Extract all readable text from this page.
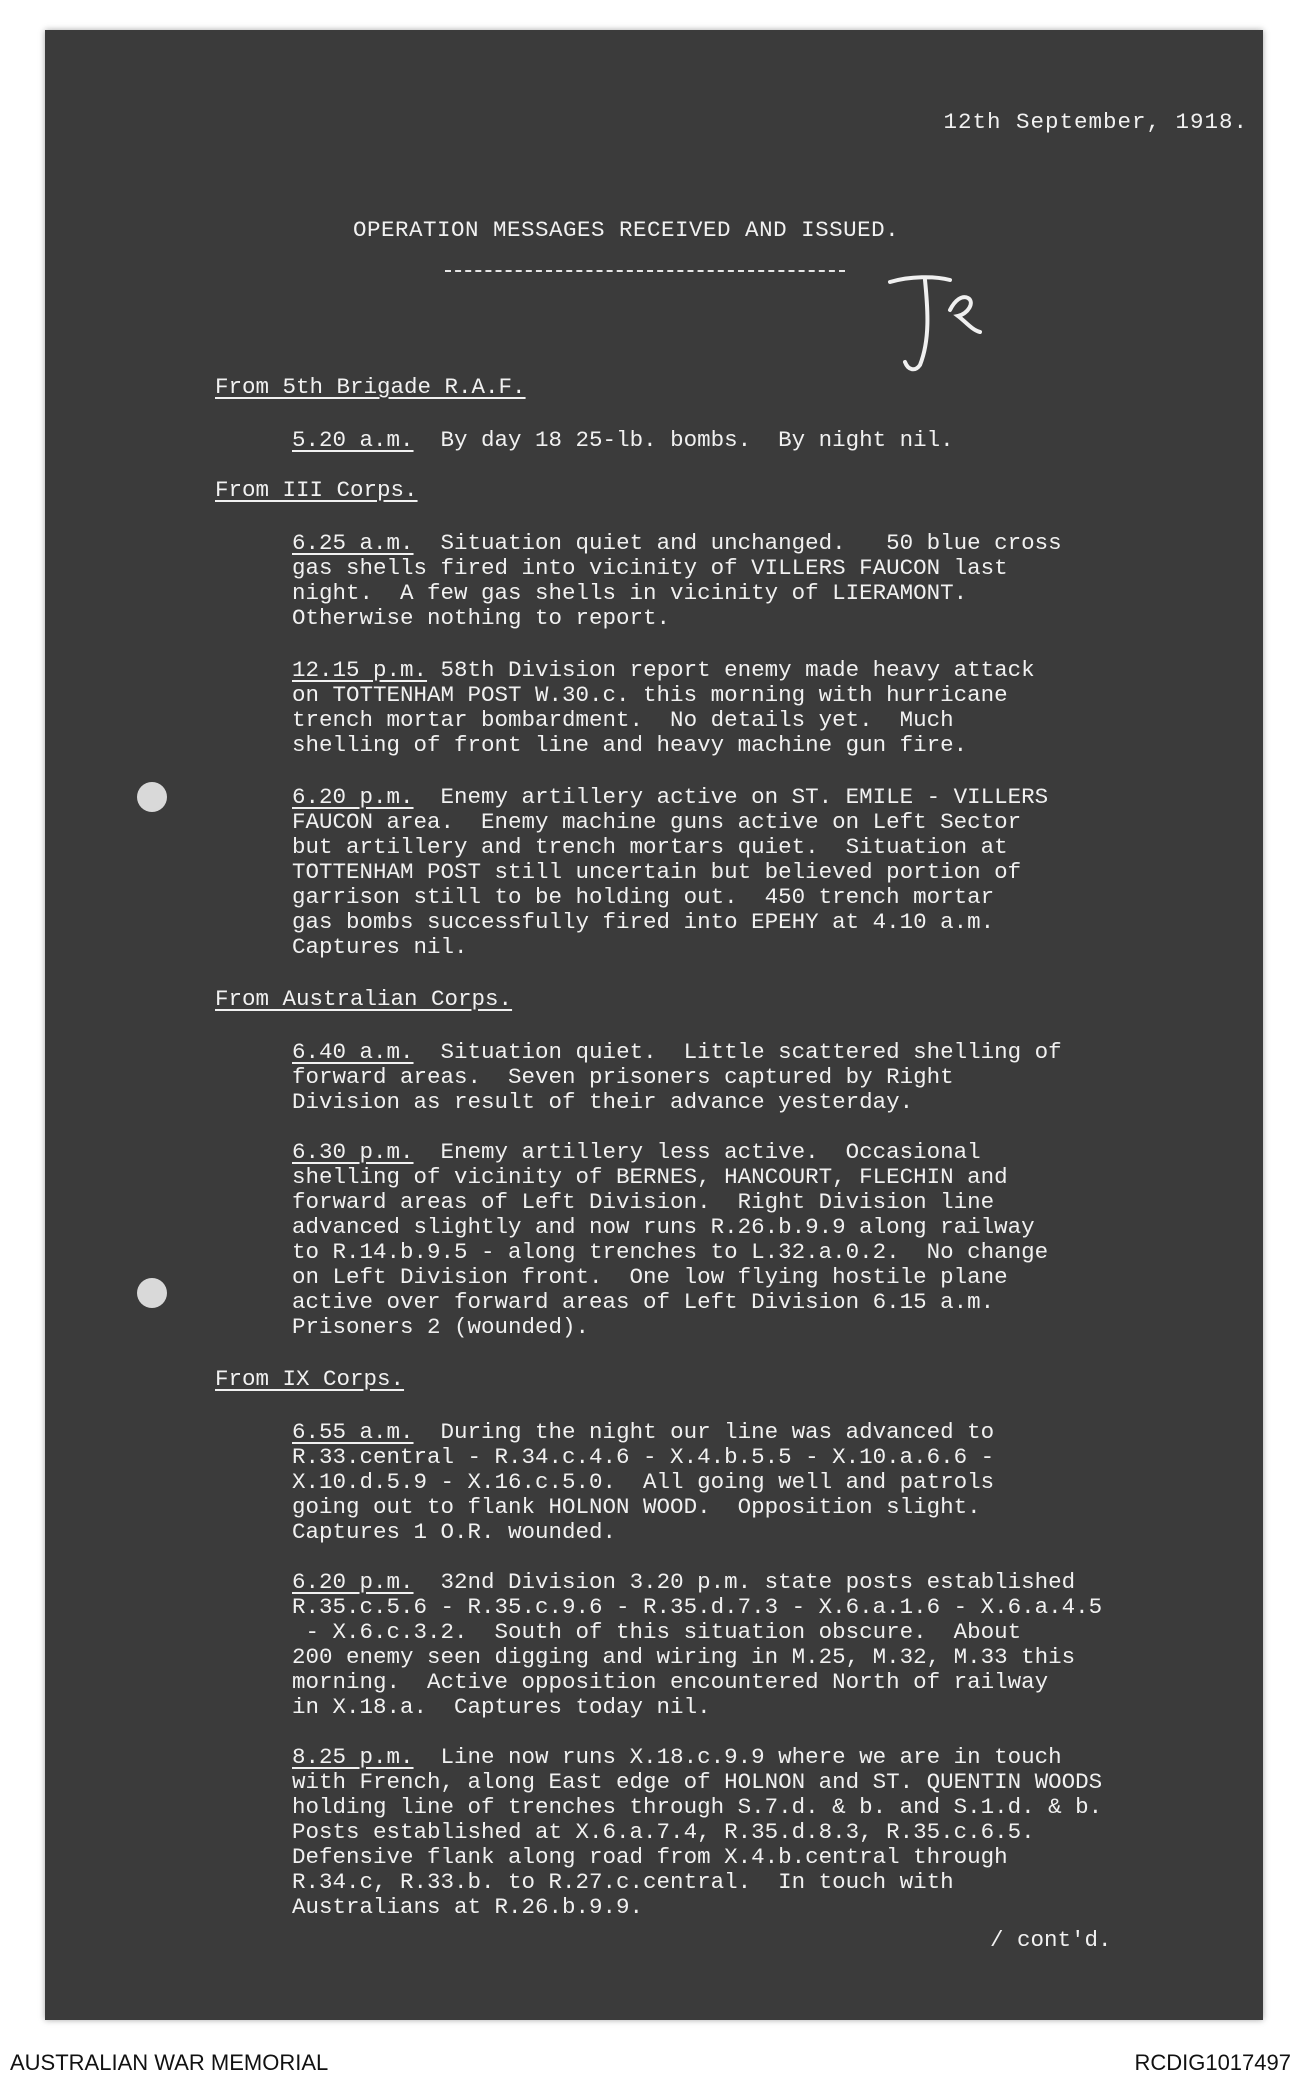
12th September, 1918.
OPERATION MESSAGES RECEIVED AND ISSUED.
From 5th Brigade R.A.F.
5.20 a.m.  By day 18 25-lb. bombs.  By night nil.
From III Corps.
6.25 a.m.  Situation quiet and unchanged.   50 blue cross
gas shells fired into vicinity of VILLERS FAUCON last
night.  A few gas shells in vicinity of LIERAMONT.
Otherwise nothing to report.
12.15 p.m. 58th Division report enemy made heavy attack
on TOTTENHAM POST W.30.c. this morning with hurricane
trench mortar bombardment.  No details yet.  Much
shelling of front line and heavy machine gun fire.
6.20 p.m.  Enemy artillery active on ST. EMILE - VILLERS
FAUCON area.  Enemy machine guns active on Left Sector
but artillery and trench mortars quiet.  Situation at
TOTTENHAM POST still uncertain but believed portion of
garrison still to be holding out.  450 trench mortar
gas bombs successfully fired into EPEHY at 4.10 a.m.
Captures nil.
From Australian Corps.
6.40 a.m.  Situation quiet.  Little scattered shelling of
forward areas.  Seven prisoners captured by Right
Division as result of their advance yesterday.
6.30 p.m.  Enemy artillery less active.  Occasional
shelling of vicinity of BERNES, HANCOURT, FLECHIN and
forward areas of Left Division.  Right Division line
advanced slightly and now runs R.26.b.9.9 along railway
to R.14.b.9.5 - along trenches to L.32.a.0.2.  No change
on Left Division front.  One low flying hostile plane
active over forward areas of Left Division 6.15 a.m.
Prisoners 2 (wounded).
From IX Corps.
6.55 a.m.  During the night our line was advanced to
R.33.central - R.34.c.4.6 - X.4.b.5.5 - X.10.a.6.6 -
X.10.d.5.9 - X.16.c.5.0.  All going well and patrols
going out to flank HOLNON WOOD.  Opposition slight.
Captures 1 O.R. wounded.
6.20 p.m.  32nd Division 3.20 p.m. state posts established
R.35.c.5.6 - R.35.c.9.6 - R.35.d.7.3 - X.6.a.1.6 - X.6.a.4.5
- X.6.c.3.2.  South of this situation obscure.  About
200 enemy seen digging and wiring in M.25, M.32, M.33 this
morning.  Active opposition encountered North of railway
in X.18.a.  Captures today nil.
8.25 p.m.  Line now runs X.18.c.9.9 where we are in touch
with French, along East edge of HOLNON and ST. QUENTIN WOODS
holding line of trenches through S.7.d. & b. and S.1.d. & b.
Posts established at X.6.a.7.4, R.35.d.8.3, R.35.c.6.5.
Defensive flank along road from X.4.b.central through
R.34.c, R.33.b. to R.27.c.central.  In touch with
Australians at R.26.b.9.9.
/ cont'd.
AUSTRALIAN WAR MEMORIAL	RCDIG1017497
